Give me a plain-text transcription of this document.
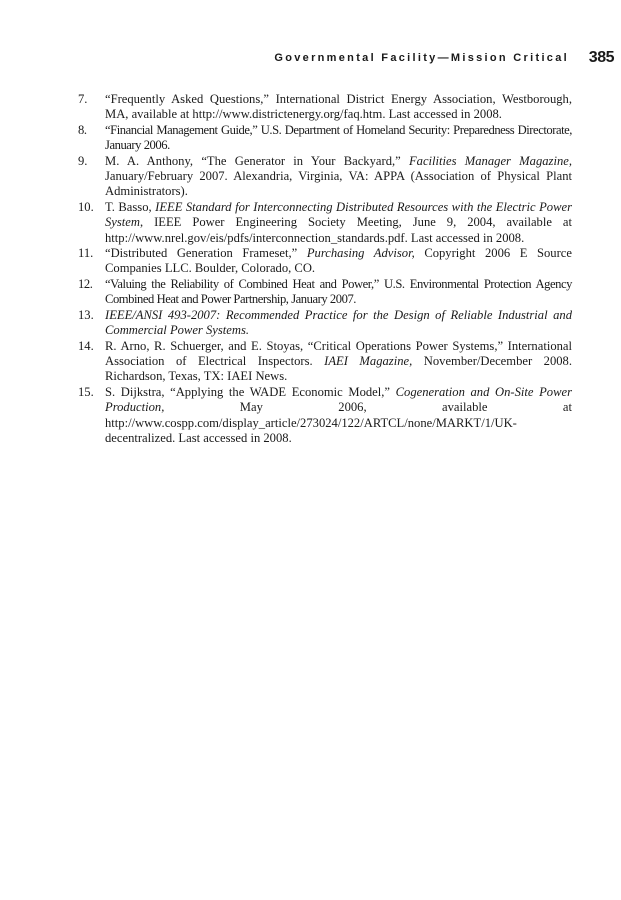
Governmental Facility—Mission Critical 385
7.	“Frequently Asked Questions,” International District Energy Association, Westborough, MA, available at http://www.districtenergy.org/faq.htm. Last accessed in 2008.
8.	“Financial Management Guide,” U.S. Department of Homeland Security: Preparedness Directorate, January 2006.
9.	M. A. Anthony, “The Generator in Your Backyard,” Facilities Manager Magazine, January/February 2007. Alexandria, Virginia, VA: APPA (Association of Physical Plant Administrators).
10. T. Basso, IEEE Standard for Interconnecting Distributed Resources with the Electric Power System, IEEE Power Engineering Society Meeting, June 9, 2004, available at http://www.nrel.gov/eis/pdfs/interconnection_standards.pdf. Last accessed in 2008.
11. “Distributed Generation Frameset,” Purchasing Advisor, Copyright 2006 E Source Companies LLC. Boulder, Colorado, CO.
12. “Valuing the Reliability of Combined Heat and Power,” U.S. Environmental Protection Agency Combined Heat and Power Partnership, January 2007.
13. IEEE/ANSI 493-2007: Recommended Practice for the Design of Reliable Industrial and Commercial Power Systems.
14. R. Arno, R. Schuerger, and E. Stoyas, “Critical Operations Power Systems,” International Association of Electrical Inspectors. IAEI Magazine, November/December 2008. Richardson, Texas, TX: IAEI News.
15. S. Dijkstra, “Applying the WADE Economic Model,” Cogeneration and On-Site Power Production, May 2006, available at http://www.cospp.com/display_article/273024/122/ARTCL/none/MARKT/1/UK-decentralized. Last accessed in 2008.
